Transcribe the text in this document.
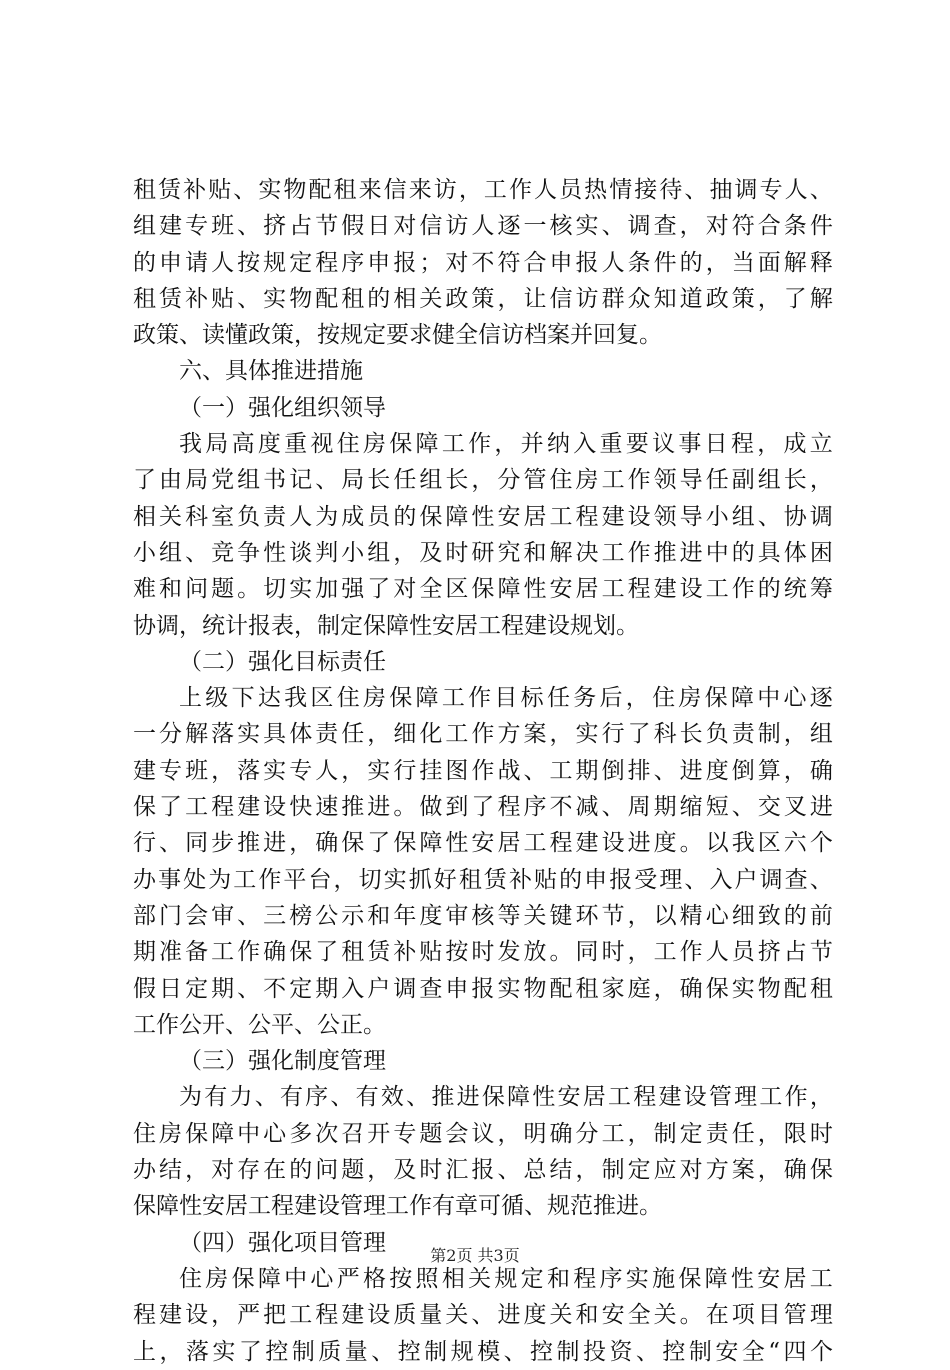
租 赁 补 贴 、 实 物 配 租 来 信 来 访 ， 工 作 人 员 热 情 接 待 、 抽 调 专 人 、
组 建 专 班 、 挤 占 节 假 日 对 信 访 人 逐 一 核 实 、 调 查 ， 对 符 合 条 件
的 申 请 人 按 规 定 程 序 申 报 ； 对 不 符 合 申 报 人 条 件 的 ， 当 面 解 释
租 赁 补 贴 、 实 物 配 租 的 相 关 政 策 ， 让 信 访 群 众 知 道 政 策 ， 了 解
政策、读懂政策，按规定要求健全信访档案并回复。
六、具体推进措施
（一）强化组织领导
我 局 高 度 重 视 住 房 保 障 工 作 ， 并 纳 入 重 要 议 事 日 程 ， 成 立
了 由 局 党 组 书 记 、 局 长 任 组 长 ， 分 管 住 房 工 作 领 导 任 副 组 长 ，
相 关 科 室 负 责 人 为 成 员 的 保 障 性 安 居 工 程 建 设 领 导 小 组 、 协 调
小 组 、 竞 争 性 谈 判 小 组 ， 及 时 研 究 和 解 决 工 作 推 进 中 的 具 体 困
难 和 问 题 。 切 实 加 强 了 对 全 区 保 障 性 安 居 工 程 建 设 工 作 的 统 筹
协调，统计报表，制定保障性安居工程建设规划。
（二）强化目标责任
上 级 下 达 我 区 住 房 保 障 工 作 目 标 任 务 后 ， 住 房 保 障 中 心 逐
一 分 解 落 实 具 体 责 任 ， 细 化 工 作 方 案 ， 实 行 了 科 长 负 责 制 ， 组
建 专 班 ， 落 实 专 人 ， 实 行 挂 图 作 战 、 工 期 倒 排 、 进 度 倒 算 ， 确
保 了 工 程 建 设 快 速 推 进 。 做 到 了 程 序 不 减 、 周 期 缩 短 、 交 叉 进
行 、 同 步 推 进 ， 确 保 了 保 障 性 安 居 工 程 建 设 进 度 。 以 我 区 六 个
办 事 处 为 工 作 平 台 ， 切 实 抓 好 租 赁 补 贴 的 申 报 受 理 、 入 户 调 查 、
部 门 会 审 、 三 榜 公 示 和 年 度 审 核 等 关 键 环 节 ， 以 精 心 细 致 的 前
期 准 备 工 作 确 保 了 租 赁 补 贴 按 时 发 放 。 同 时 ， 工 作 人 员 挤 占 节
假 日 定 期 、 不 定 期 入 户 调 查 申 报 实 物 配 租 家 庭 ， 确 保 实 物 配 租
工作公开、公平、公正。
（三）强化制度管理
为 有 力 、 有 序 、 有 效 、 推 进 保 障 性 安 居 工 程 建 设 管 理 工 作 ，
住 房 保 障 中 心 多 次 召 开 专 题 会 议 ， 明 确 分 工 ， 制 定 责 任 ， 限 时
办 结 ， 对 存 在 的 问 题 ， 及 时 汇 报 、 总 结 ， 制 定 应 对 方 案 ， 确 保
保障性安居工程建设管理工作有章可循、规范推进。
（四）强化项目管理
住 房 保 障 中 心 严 格 按 照 相 关 规 定 和 程 序 实 施 保 障 性 安 居 工
程 建 设 ， 严 把 工 程 建 设 质 量 关 、 进 度 关 和 安 全 关 。 在 项 目 管 理
上 ， 落 实 了 控 制 质 量 、 控 制 规 模 、 控 制 投 资 、 控 制 安 全 “ 四 个
第2页 共3页
